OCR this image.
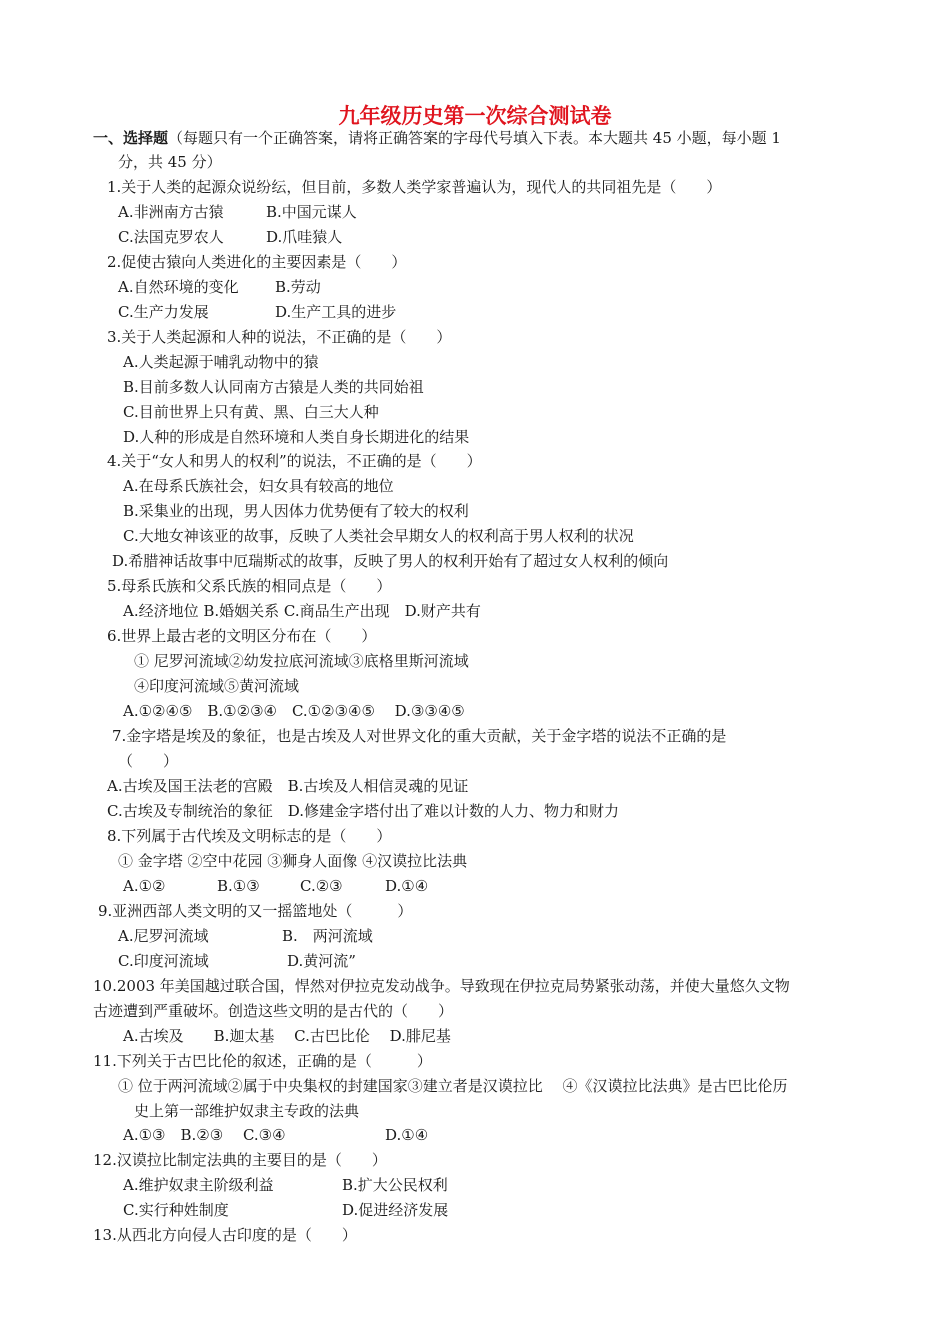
九年级历史第一次综合测试卷
一、选择题（每题只有一个正确答案，请将正确答案的字母代号填入下表。本大题共 45 小题，每小题 1
分，共 45 分）
1.关于人类的起源众说纷纭，但目前，多数人类学家普遍认为，现代人的共同祖先是（　　）
A.非洲南方古猿	B.中国元谋人
C.法国克罗农人	D.爪哇猿人
2.促使古猿向人类进化的主要因素是（　　）
A.自然环境的变化 B.劳动
C.生产力发展	D.生产工具的进步
3.关于人类起源和人种的说法，不正确的是（　　）
A.人类起源于哺乳动物中的猿
B.目前多数人认同南方古猿是人类的共同始祖
C.目前世界上只有黄、黑、白三大人种
D.人种的形成是自然环境和人类自身长期进化的结果
4.关于“女人和男人的权利”的说法，不正确的是（　　）
A.在母系氏族社会，妇女具有较高的地位
B.采集业的出现，男人因体力优势便有了较大的权利
C.大地女神该亚的故事，反映了人类社会早期女人的权利高于男人权利的状况
D.希腊神话故事中厄瑞斯忒的故事，反映了男人的权利开始有了超过女人权利的倾向
5.母系氏族和父系氏族的相同点是（　　）
A.经济地位 B.婚姻关系 C.商品生产出现　D.财产共有
6.世界上最古老的文明区分布在（　　）
① 尼罗河流域②幼发拉底河流域③底格里斯河流域
④印度河流域⑤黄河流域
A.①②④⑤　B.①②③④　C.①②③④⑤　 D.③③④⑤
7.金字塔是埃及的象征，也是古埃及人对世界文化的重大贡献，关于金字塔的说法不正确的是
（　　）
A.古埃及国王法老的宫殿　B.古埃及人相信灵魂的见证
C.古埃及专制统治的象征　D.修建金字塔付出了难以计数的人力、物力和财力
8.下列属于古代埃及文明标志的是（　　）
① 金字塔 ②空中花园 ③狮身人面像 ④汉谟拉比法典
A.①②	B.①③	C.②③	D.①④
9.亚洲西部人类文明的又一摇篮地处（　　　）
A.尼罗河流域	B.　两河流域
C.印度河流域	D.黄河流”
10.2003 年美国越过联合国，悍然对伊拉克发动战争。导致现在伊拉克局势紧张动荡，并使大量悠久文物
古迹遭到严重破坏。创造这些文明的是古代的（　　）
A.古埃及　　B.迦太基　 C.古巴比伦　 D.腓尼基
11.下列关于古巴比伦的叙述，正确的是（　　　）
① 位于两河流域②属于中央集权的封建国家③建立者是汉谟拉比　 ④《汉谟拉比法典》是古巴比伦历
史上第一部维护奴隶主专政的法典
A.①③　B.②③　 C.③④	D.①④
12.汉谟拉比制定法典的主要目的是（　　）
A.维护奴隶主阶级利益	B.扩大公民权利
C.实行种姓制度	D.促进经济发展
13.从西北方向侵人古印度的是（　　）
